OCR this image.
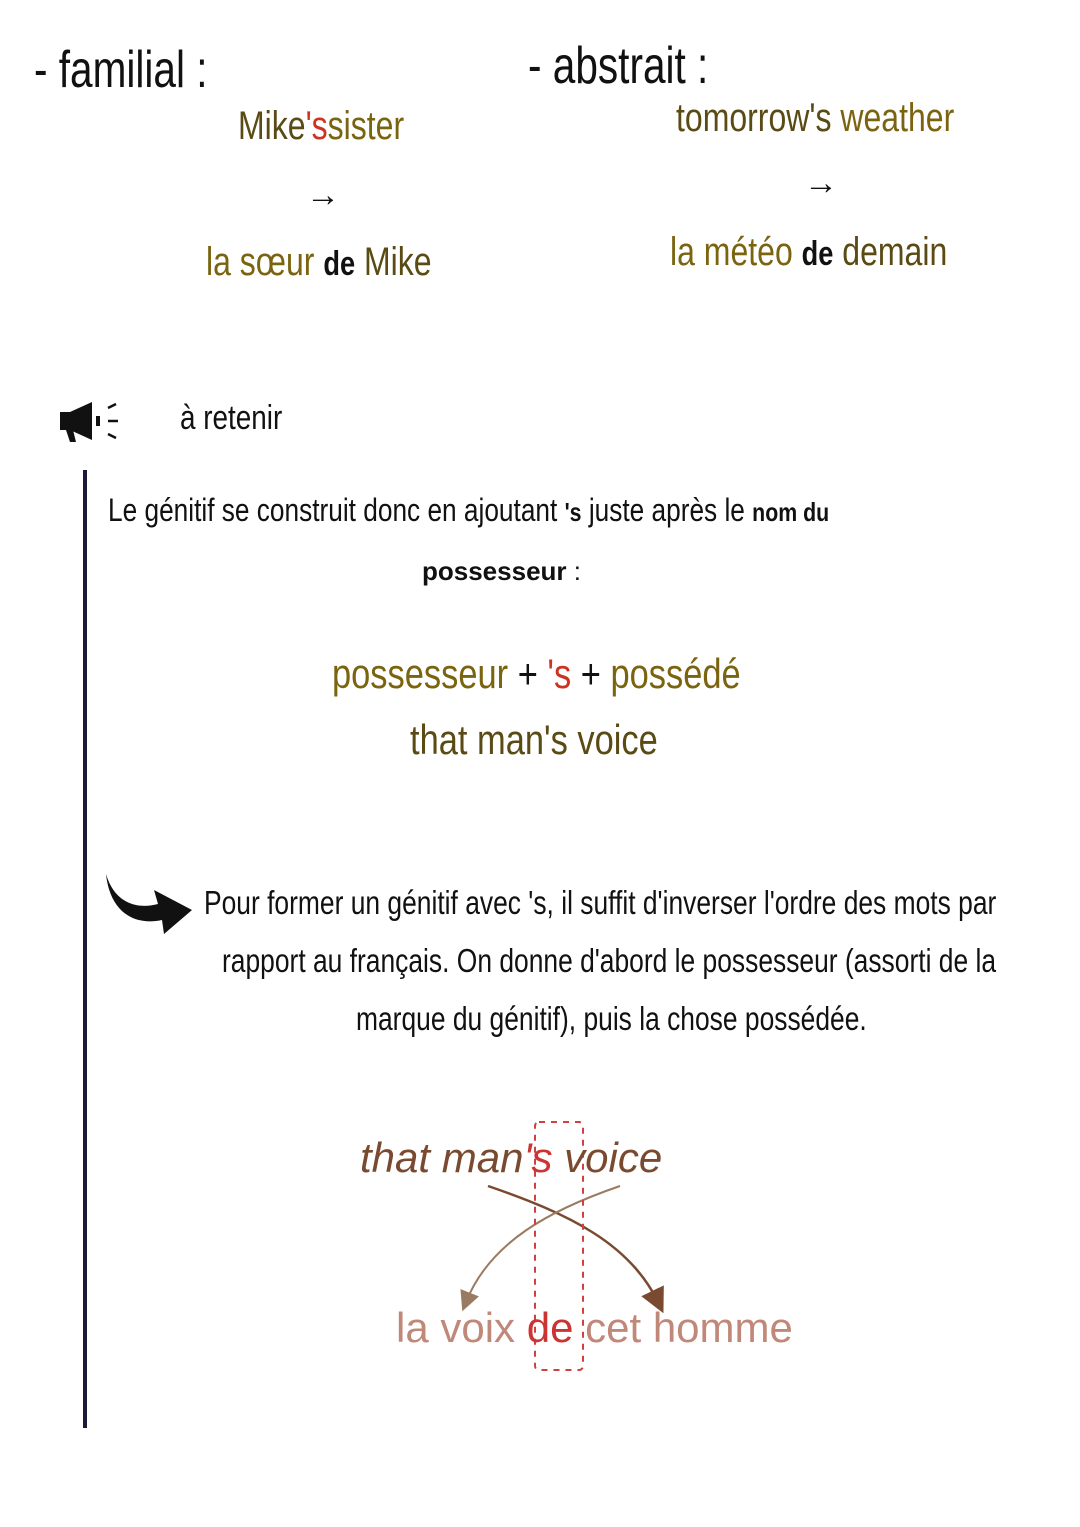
- familial :
Mike'ssister
→
la sœur de Mike
- abstrait :
tomorrow's weather
→
la météo de demain
à retenir
Le génitif se construit donc en ajoutant 's juste après le nom du
possesseur :
possesseur + 's + possédé
that man's voice
Pour former un génitif avec 's, il suffit d'inverser l'ordre des mots par
rapport au français. On donne d'abord le possesseur (assorti de la
marque du génitif), puis la chose possédée.
that man's voice
la voix de cet homme
